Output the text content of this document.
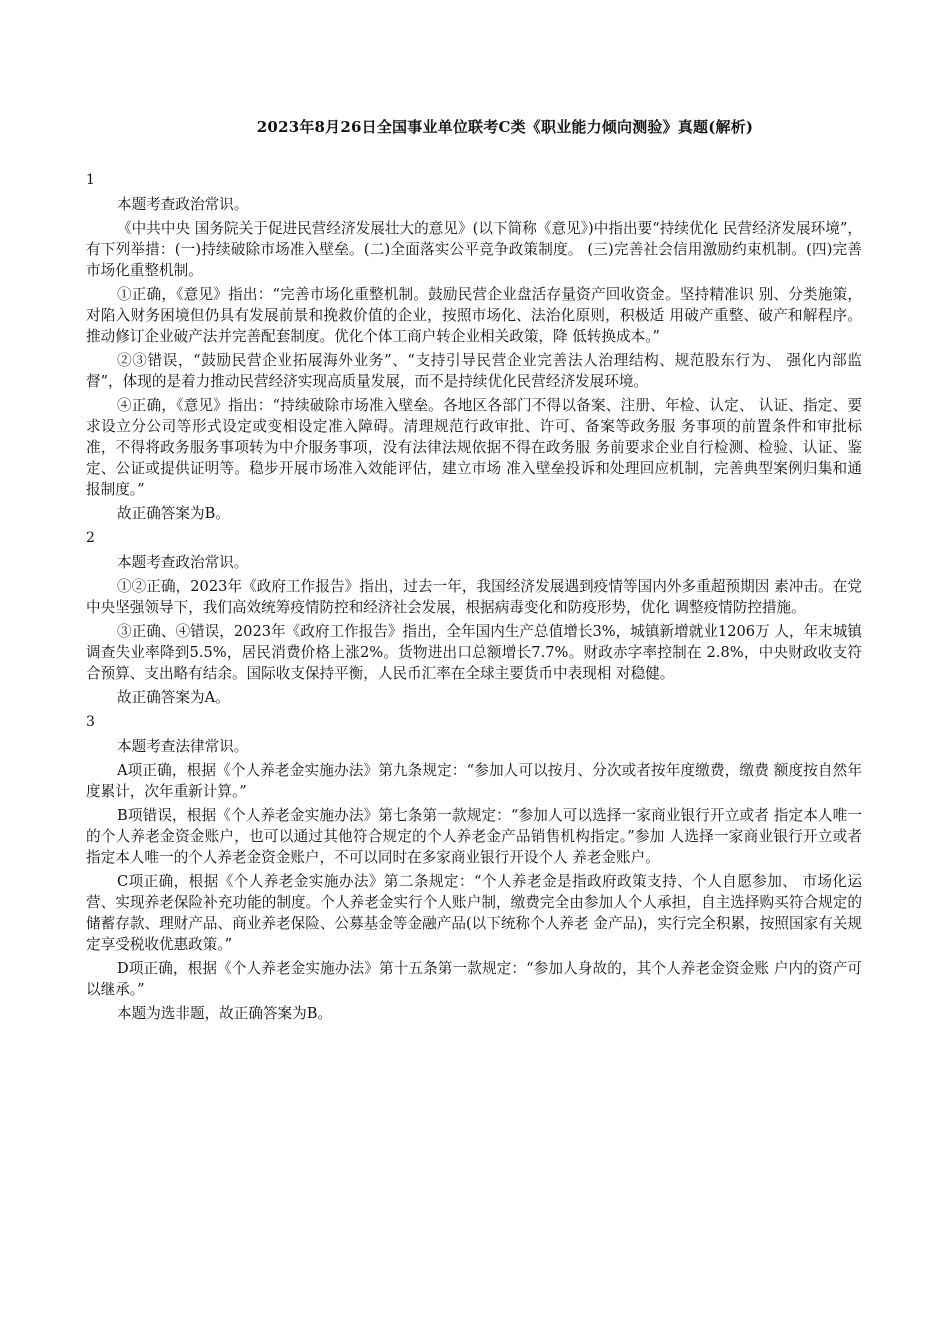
2023年8月26日全国事业单位联考C类《职业能力倾向测验》真题(解析)

1

本题考查政治常识。

《中共中央 国务院关于促进民营经济发展壮大的意见》(以下简称《意见》)中指出要“持续优化 民营经济发展环境”，有下列举措：(一)持续破除市场准入壁垒。(二)全面落实公平竞争政策制度。 (三)完善社会信用激励约束机制。(四)完善市场化重整机制。

①正确，《意见》指出：“完善市场化重整机制。鼓励民营企业盘活存量资产回收资金。坚持精准识 别、分类施策，对陷入财务困境但仍具有发展前景和挽救价值的企业，按照市场化、法治化原则，积极适 用破产重整、破产和解程序。推动修订企业破产法并完善配套制度。优化个体工商户转企业相关政策，降 低转换成本。”

②③错误，“鼓励民营企业拓展海外业务”、“支持引导民营企业完善法人治理结构、规范股东行为、 强化内部监督”，体现的是着力推动民营经济实现高质量发展，而不是持续优化民营经济发展环境。

④正确，《意见》指出：“持续破除市场准入壁垒。各地区各部门不得以备案、注册、年检、认定、 认证、指定、要求设立分公司等形式设定或变相设定准入障碍。清理规范行政审批、许可、备案等政务服 务事项的前置条件和审批标准，不得将政务服务事项转为中介服务事项，没有法律法规依据不得在政务服 务前要求企业自行检测、检验、认证、鉴定、公证或提供证明等。稳步开展市场准入效能评估，建立市场 准入壁垒投诉和处理回应机制，完善典型案例归集和通报制度。”

故正确答案为B。

2

本题考查政治常识。

①②正确，2023年《政府工作报告》指出，过去一年，我国经济发展遇到疫情等国内外多重超预期因 素冲击。在党中央坚强领导下，我们高效统筹疫情防控和经济社会发展，根据病毒变化和防疫形势，优化 调整疫情防控措施。

③正确、④错误，2023年《政府工作报告》指出，全年国内生产总值增长3%，城镇新增就业1206万 人，年末城镇调查失业率降到5.5%，居民消费价格上涨2%。货物进出口总额增长7.7%。财政赤字率控制在 2.8%，中央财政收支符合预算、支出略有结余。国际收支保持平衡，人民币汇率在全球主要货币中表现相 对稳健。

故正确答案为A。

3

本题考查法律常识。

A项正确，根据《个人养老金实施办法》第九条规定：“参加人可以按月、分次或者按年度缴费，缴费 额度按自然年度累计，次年重新计算。”

B项错误，根据《个人养老金实施办法》第七条第一款规定：“参加人可以选择一家商业银行开立或者 指定本人唯一的个人养老金资金账户，也可以通过其他符合规定的个人养老金产品销售机构指定。”参加 人选择一家商业银行开立或者指定本人唯一的个人养老金资金账户，不可以同时在多家商业银行开设个人 养老金账户。

C项正确，根据《个人养老金实施办法》第二条规定：“个人养老金是指政府政策支持、个人自愿参加、 市场化运营、实现养老保险补充功能的制度。个人养老金实行个人账户制，缴费完全由参加人个人承担，自主选择购买符合规定的储蓄存款、理财产品、商业养老保险、公募基金等金融产品(以下统称个人养老 金产品)，实行完全积累，按照国家有关规定享受税收优惠政策。”

D项正确，根据《个人养老金实施办法》第十五条第一款规定：“参加人身故的，其个人养老金资金账 户内的资产可以继承。”

本题为选非题，故正确答案为B。
